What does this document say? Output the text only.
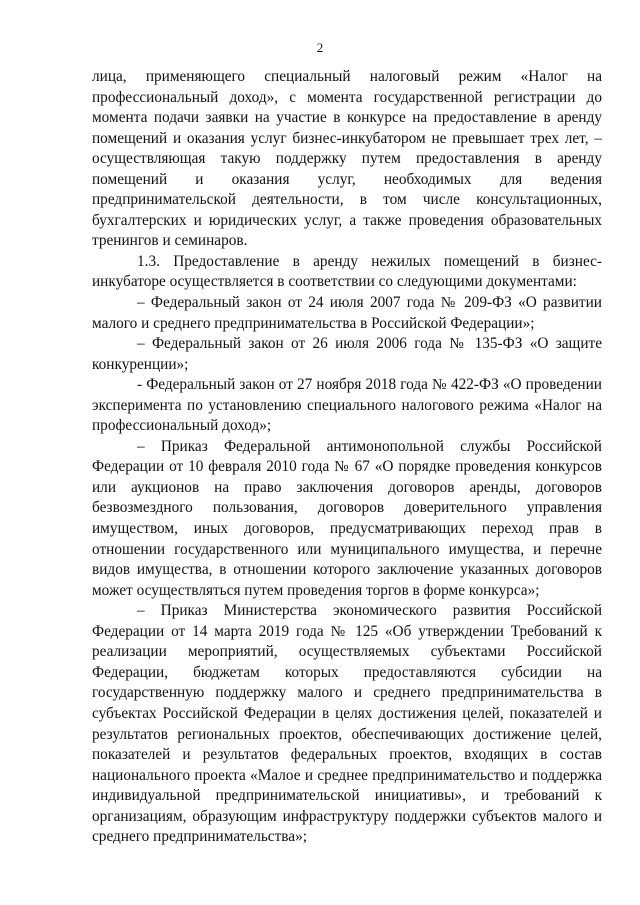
2

лица, применяющего специальный налоговый режим «Налог на профессиональный доход», с момента государственной регистрации до момента подачи заявки на участие в конкурсе на предоставление в аренду помещений и оказания услуг бизнес-инкубатором не превышает трех лет, – осуществляющая такую поддержку путем предоставления в аренду помещений и оказания услуг, необходимых для ведения предпринимательской деятельности, в том числе консультационных, бухгалтерских и юридических услуг, а также проведения образовательных тренингов и семинаров.

1.3. Предоставление в аренду нежилых помещений в бизнес-инкубаторе осуществляется в соответствии со следующими документами:

– Федеральный закон от 24 июля 2007 года № 209-ФЗ «О развитии малого и среднего предпринимательства в Российской Федерации»;

– Федеральный закон от 26 июля 2006 года № 135-ФЗ «О защите конкуренции»;

- Федеральный закон от 27 ноября 2018 года № 422-ФЗ «О проведении эксперимента по установлению специального налогового режима «Налог на профессиональный доход»;

– Приказ Федеральной антимонопольной службы Российской Федерации от 10 февраля 2010 года № 67 «О порядке проведения конкурсов или аукционов на право заключения договоров аренды, договоров безвозмездного пользования, договоров доверительного управления имуществом, иных договоров, предусматривающих переход прав в отношении государственного или муниципального имущества, и перечне видов имущества, в отношении которого заключение указанных договоров может осуществляться путем проведения торгов в форме конкурса»;

– Приказ Министерства экономического развития Российской Федерации от 14 марта 2019 года № 125 «Об утверждении Требований к реализации мероприятий, осуществляемых субъектами Российской Федерации, бюджетам которых предоставляются субсидии на государственную поддержку малого и среднего предпринимательства в субъектах Российской Федерации в целях достижения целей, показателей и результатов региональных проектов, обеспечивающих достижение целей, показателей и результатов федеральных проектов, входящих в состав национального проекта «Малое и среднее предпринимательство и поддержка индивидуальной предпринимательской инициативы», и требований к организациям, образующим инфраструктуру поддержки субъектов малого и среднего предпринимательства»;
